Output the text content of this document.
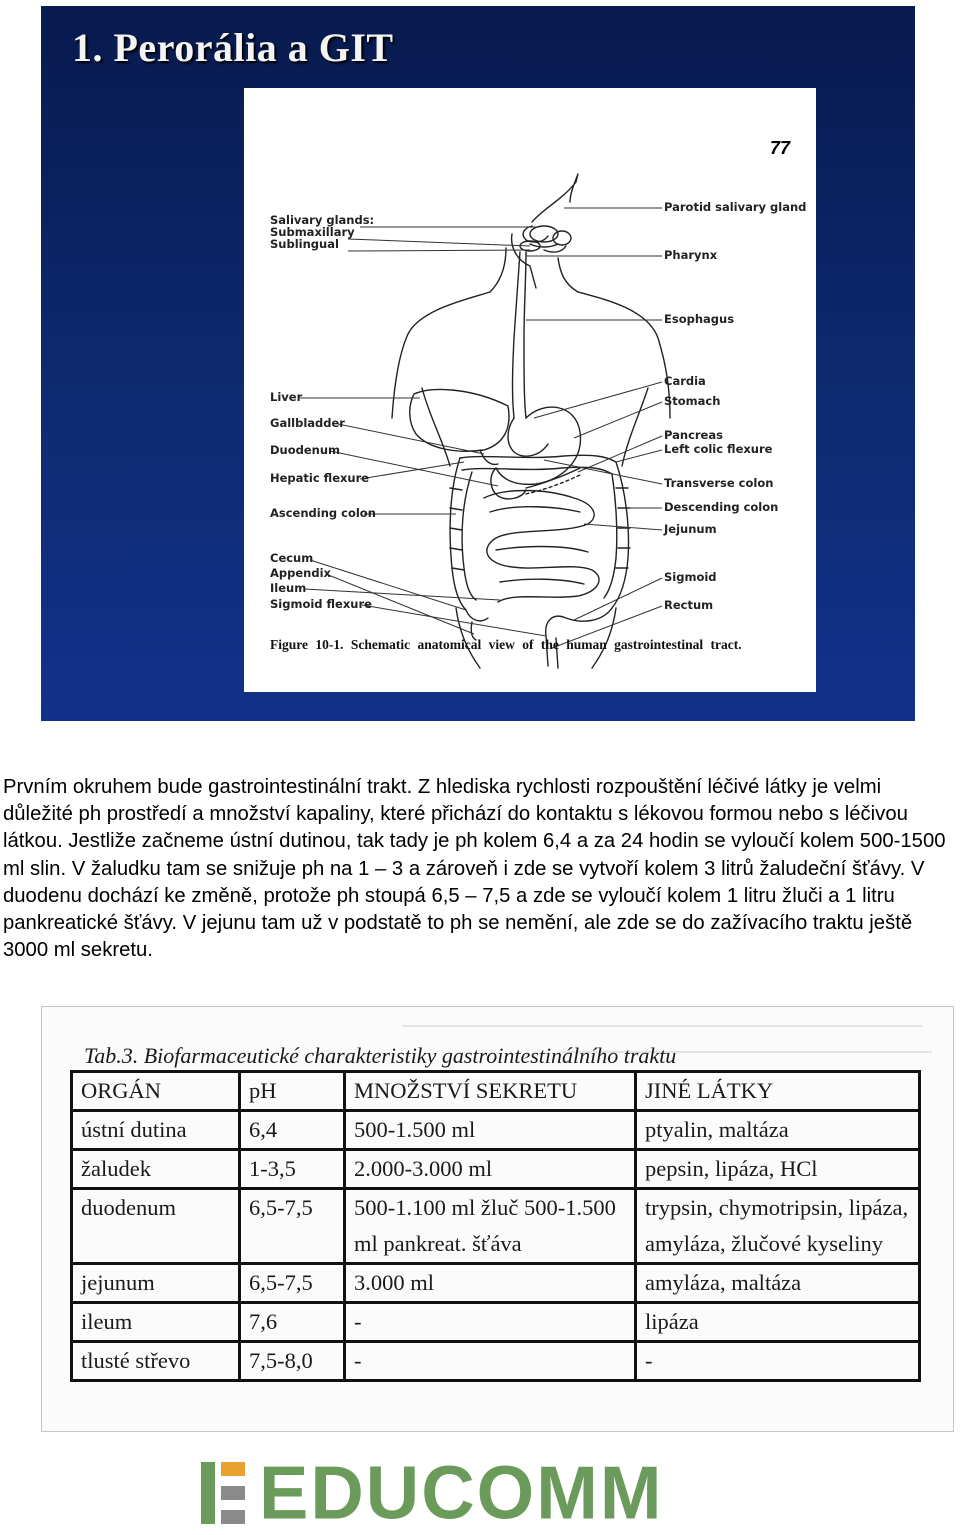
1. Perorália a GIT
77
Salivary glands:
Submaxillary
Sublingual
Liver
Gallbladder
Duodenum
Hepatic flexure
Ascending colon
Cecum
Appendix
Ileum
Sigmoid flexure
Parotid salivary gland
Pharynx
Esophagus
Cardia
Stomach
Pancreas
Left colic flexure
Transverse colon
Descending colon
Jejunum
Sigmoid
Rectum
Figure 10-1. Schematic anatomical view of the human gastrointestinal tract.

Prvním okruhem bude gastrointestinální trakt. Z hlediska rychlosti rozpouštění léčivé látky je velmi důležité ph prostředí a množství kapaliny, které přichází do kontaktu s lékovou formou nebo s léčivou látkou. Jestliže začneme ústní dutinou, tak tady je ph kolem 6,4 a za 24 hodin se vyloučí kolem 500-1500 ml slin. V žaludku tam se snižuje ph na 1 – 3 a zároveň i zde se vytvoří kolem 3 litrů žaludeční šťávy. V duodenu dochází ke změně, protože ph stoupá 6,5 – 7,5 a zde se vyloučí kolem 1 litru žluči a 1 litru pankreatické šťávy. V jejunu tam už v podstatě to ph se nemění, ale zde se do zažívacího traktu ještě 3000 ml sekretu.

Tab.3. Biofarmaceutické charakteristiky gastrointestinálního traktu
ORGÁN	pH	MNOŽSTVÍ SEKRETU	JINÉ LÁTKY
ústní dutina	6,4	500-1.500 ml	ptyalin, maltáza
žaludek	1-3,5	2.000-3.000 ml	pepsin, lipáza, HCl
duodenum	6,5-7,5	500-1.100 ml žluč 500-1.500 ml pankreat. šťáva	trypsin, chymotripsin, lipáza, amyláza, žlučové kyseliny
jejunum	6,5-7,5	3.000 ml	amyláza, maltáza
ileum	7,6	-	lipáza
tlusté střevo	7,5-8,0	-	-
EDUCOMM
